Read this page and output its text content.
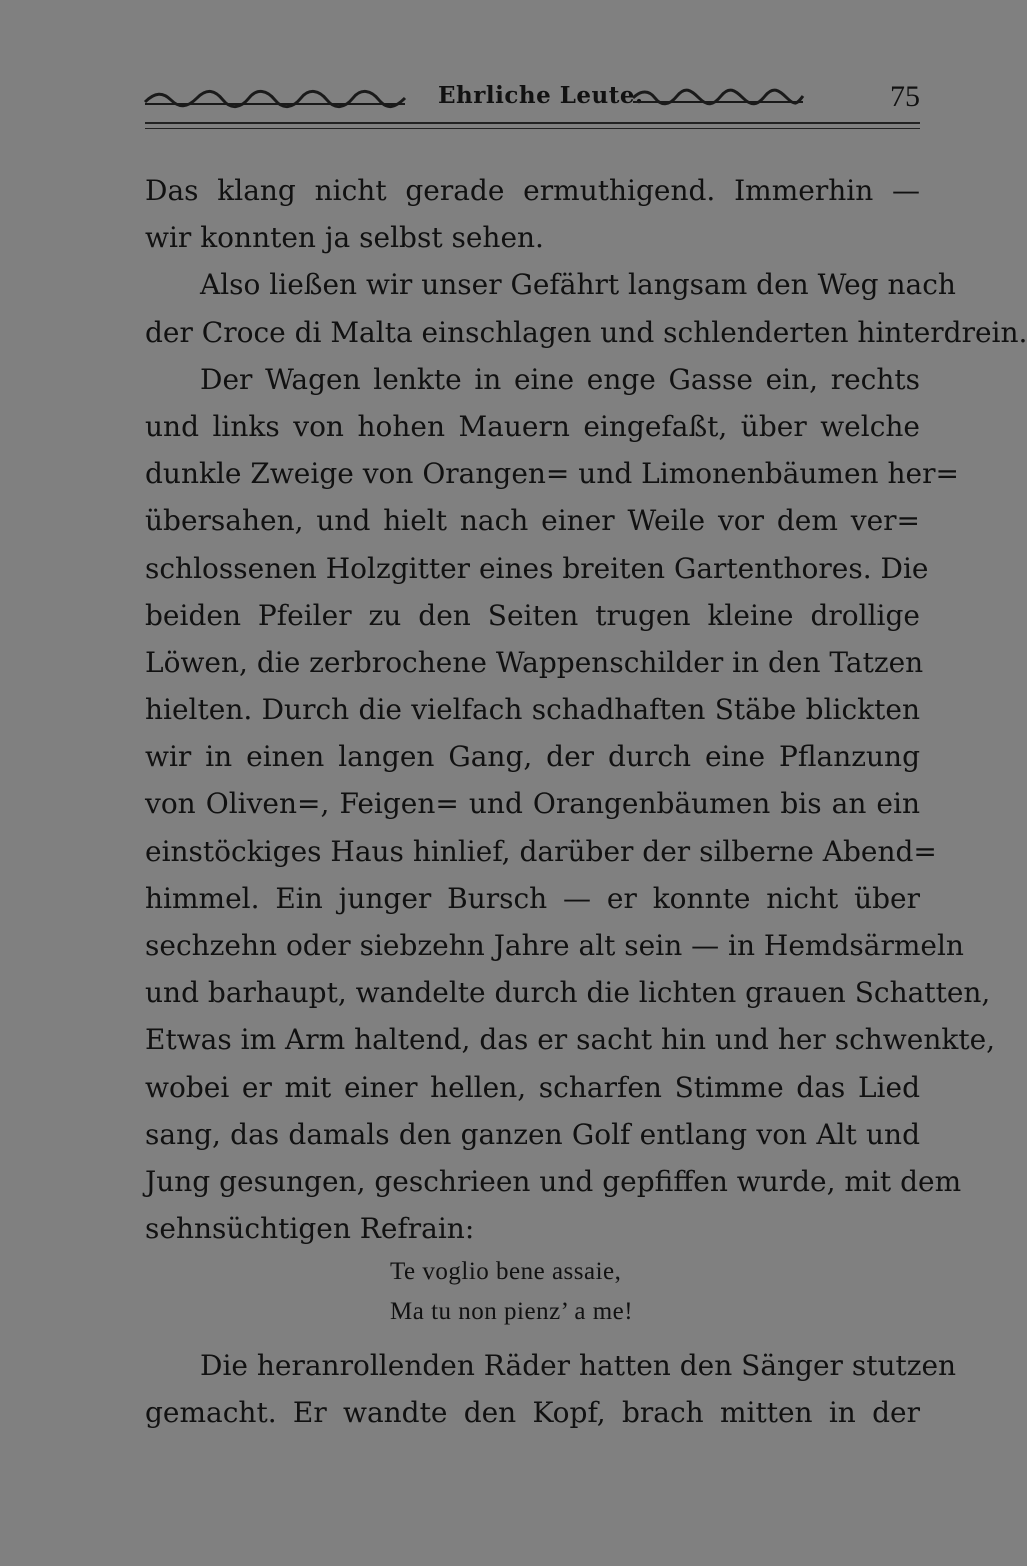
Ehrliche Leute.	75
Das klang nicht gerade ermuthigend. Immerhin —
wir konnten ja selbst sehen.
Also ließen wir unser Gefährt langsam den Weg nach
der Croce di Malta einschlagen und schlenderten hinterdrein.
Der Wagen lenkte in eine enge Gasse ein, rechts
und links von hohen Mauern eingefaßt, über welche
dunkle Zweige von Orangen= und Limonenbäumen her=
übersahen, und hielt nach einer Weile vor dem ver=
schlossenen Holzgitter eines breiten Gartenthores. Die
beiden Pfeiler zu den Seiten trugen kleine drollige
Löwen, die zerbrochene Wappenschilder in den Tatzen
hielten. Durch die vielfach schadhaften Stäbe blickten
wir in einen langen Gang, der durch eine Pflanzung
von Oliven=, Feigen= und Orangenbäumen bis an ein
einstöckiges Haus hinlief, darüber der silberne Abend=
himmel. Ein junger Bursch — er konnte nicht über
sechzehn oder siebzehn Jahre alt sein — in Hemdsärmeln
und barhaupt, wandelte durch die lichten grauen Schatten,
Etwas im Arm haltend, das er sacht hin und her schwenkte,
wobei er mit einer hellen, scharfen Stimme das Lied
sang, das damals den ganzen Golf entlang von Alt und
Jung gesungen, geschrieen und gepfiffen wurde, mit dem
sehnsüchtigen Refrain:
Te voglio bene assaie,
Ma tu non pienz’ a me!
Die heranrollenden Räder hatten den Sänger stutzen
gemacht. Er wandte den Kopf, brach mitten in der
